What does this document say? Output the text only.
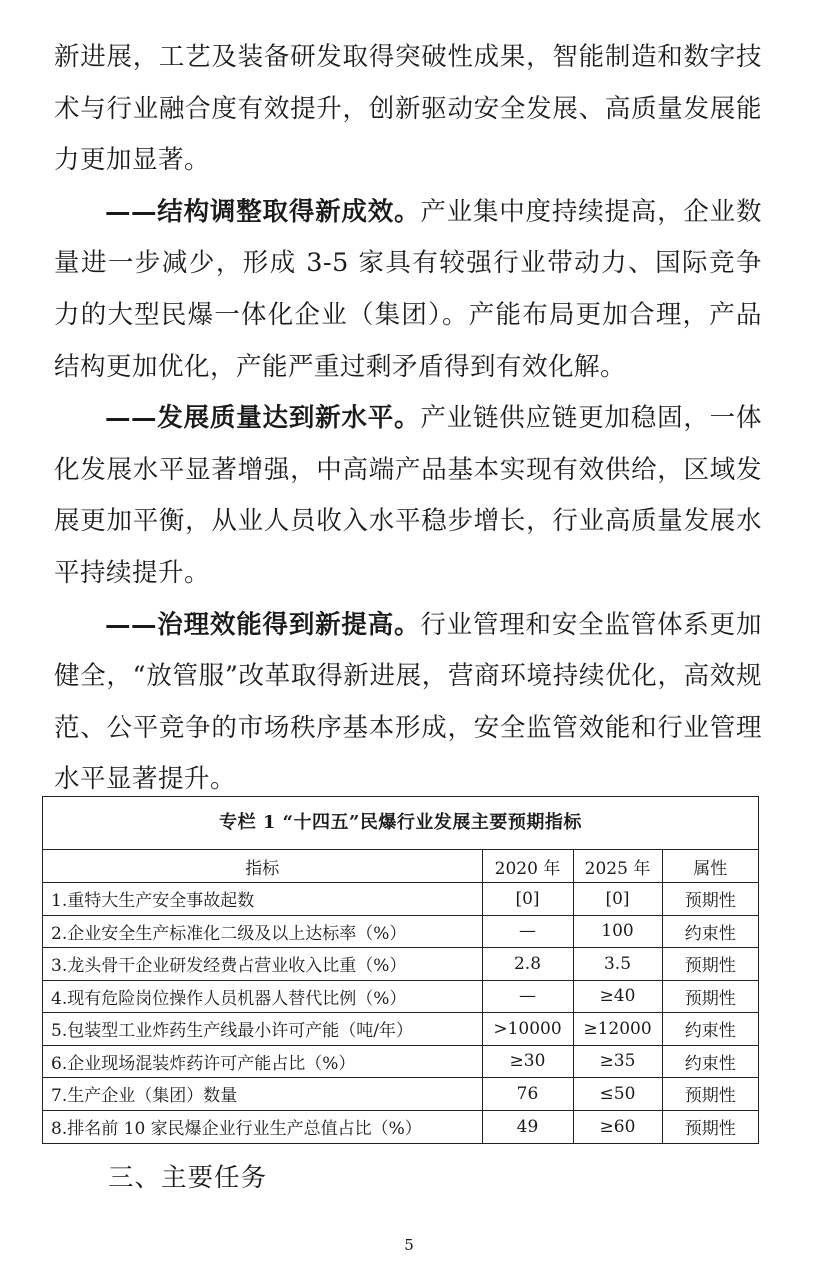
新进展，工艺及装备研发取得突破性成果，智能制造和数字技术与行业融合度有效提升，创新驱动安全发展、高质量发展能力更加显著。

——结构调整取得新成效。产业集中度持续提高，企业数量进一步减少，形成 3-5 家具有较强行业带动力、国际竞争力的大型民爆一体化企业（集团）。产能布局更加合理，产品结构更加优化，产能严重过剩矛盾得到有效化解。

——发展质量达到新水平。产业链供应链更加稳固，一体化发展水平显著增强，中高端产品基本实现有效供给，区域发展更加平衡，从业人员收入水平稳步增长，行业高质量发展水平持续提升。

——治理效能得到新提高。行业管理和安全监管体系更加健全，“放管服”改革取得新进展，营商环境持续优化，高效规范、公平竞争的市场秩序基本形成，安全监管效能和行业管理水平显著提升。

专栏 1 “十四五”民爆行业发展主要预期指标
指标	2020 年	2025 年	属性
1.重特大生产安全事故起数	[0]	[0]	预期性
2.企业安全生产标准化二级及以上达标率（%）	—	100	约束性
3.龙头骨干企业研发经费占营业收入比重（%）	2.8	3.5	预期性
4.现有危险岗位操作人员机器人替代比例（%）	—	≥40	预期性
5.包装型工业炸药生产线最小许可产能（吨/年）	>10000	≥12000	约束性
6.企业现场混装炸药许可产能占比（%）	≥30	≥35	约束性
7.生产企业（集团）数量	76	≤50	预期性
8.排名前 10 家民爆企业行业生产总值占比（%）	49	≥60	预期性
三、主要任务
5
